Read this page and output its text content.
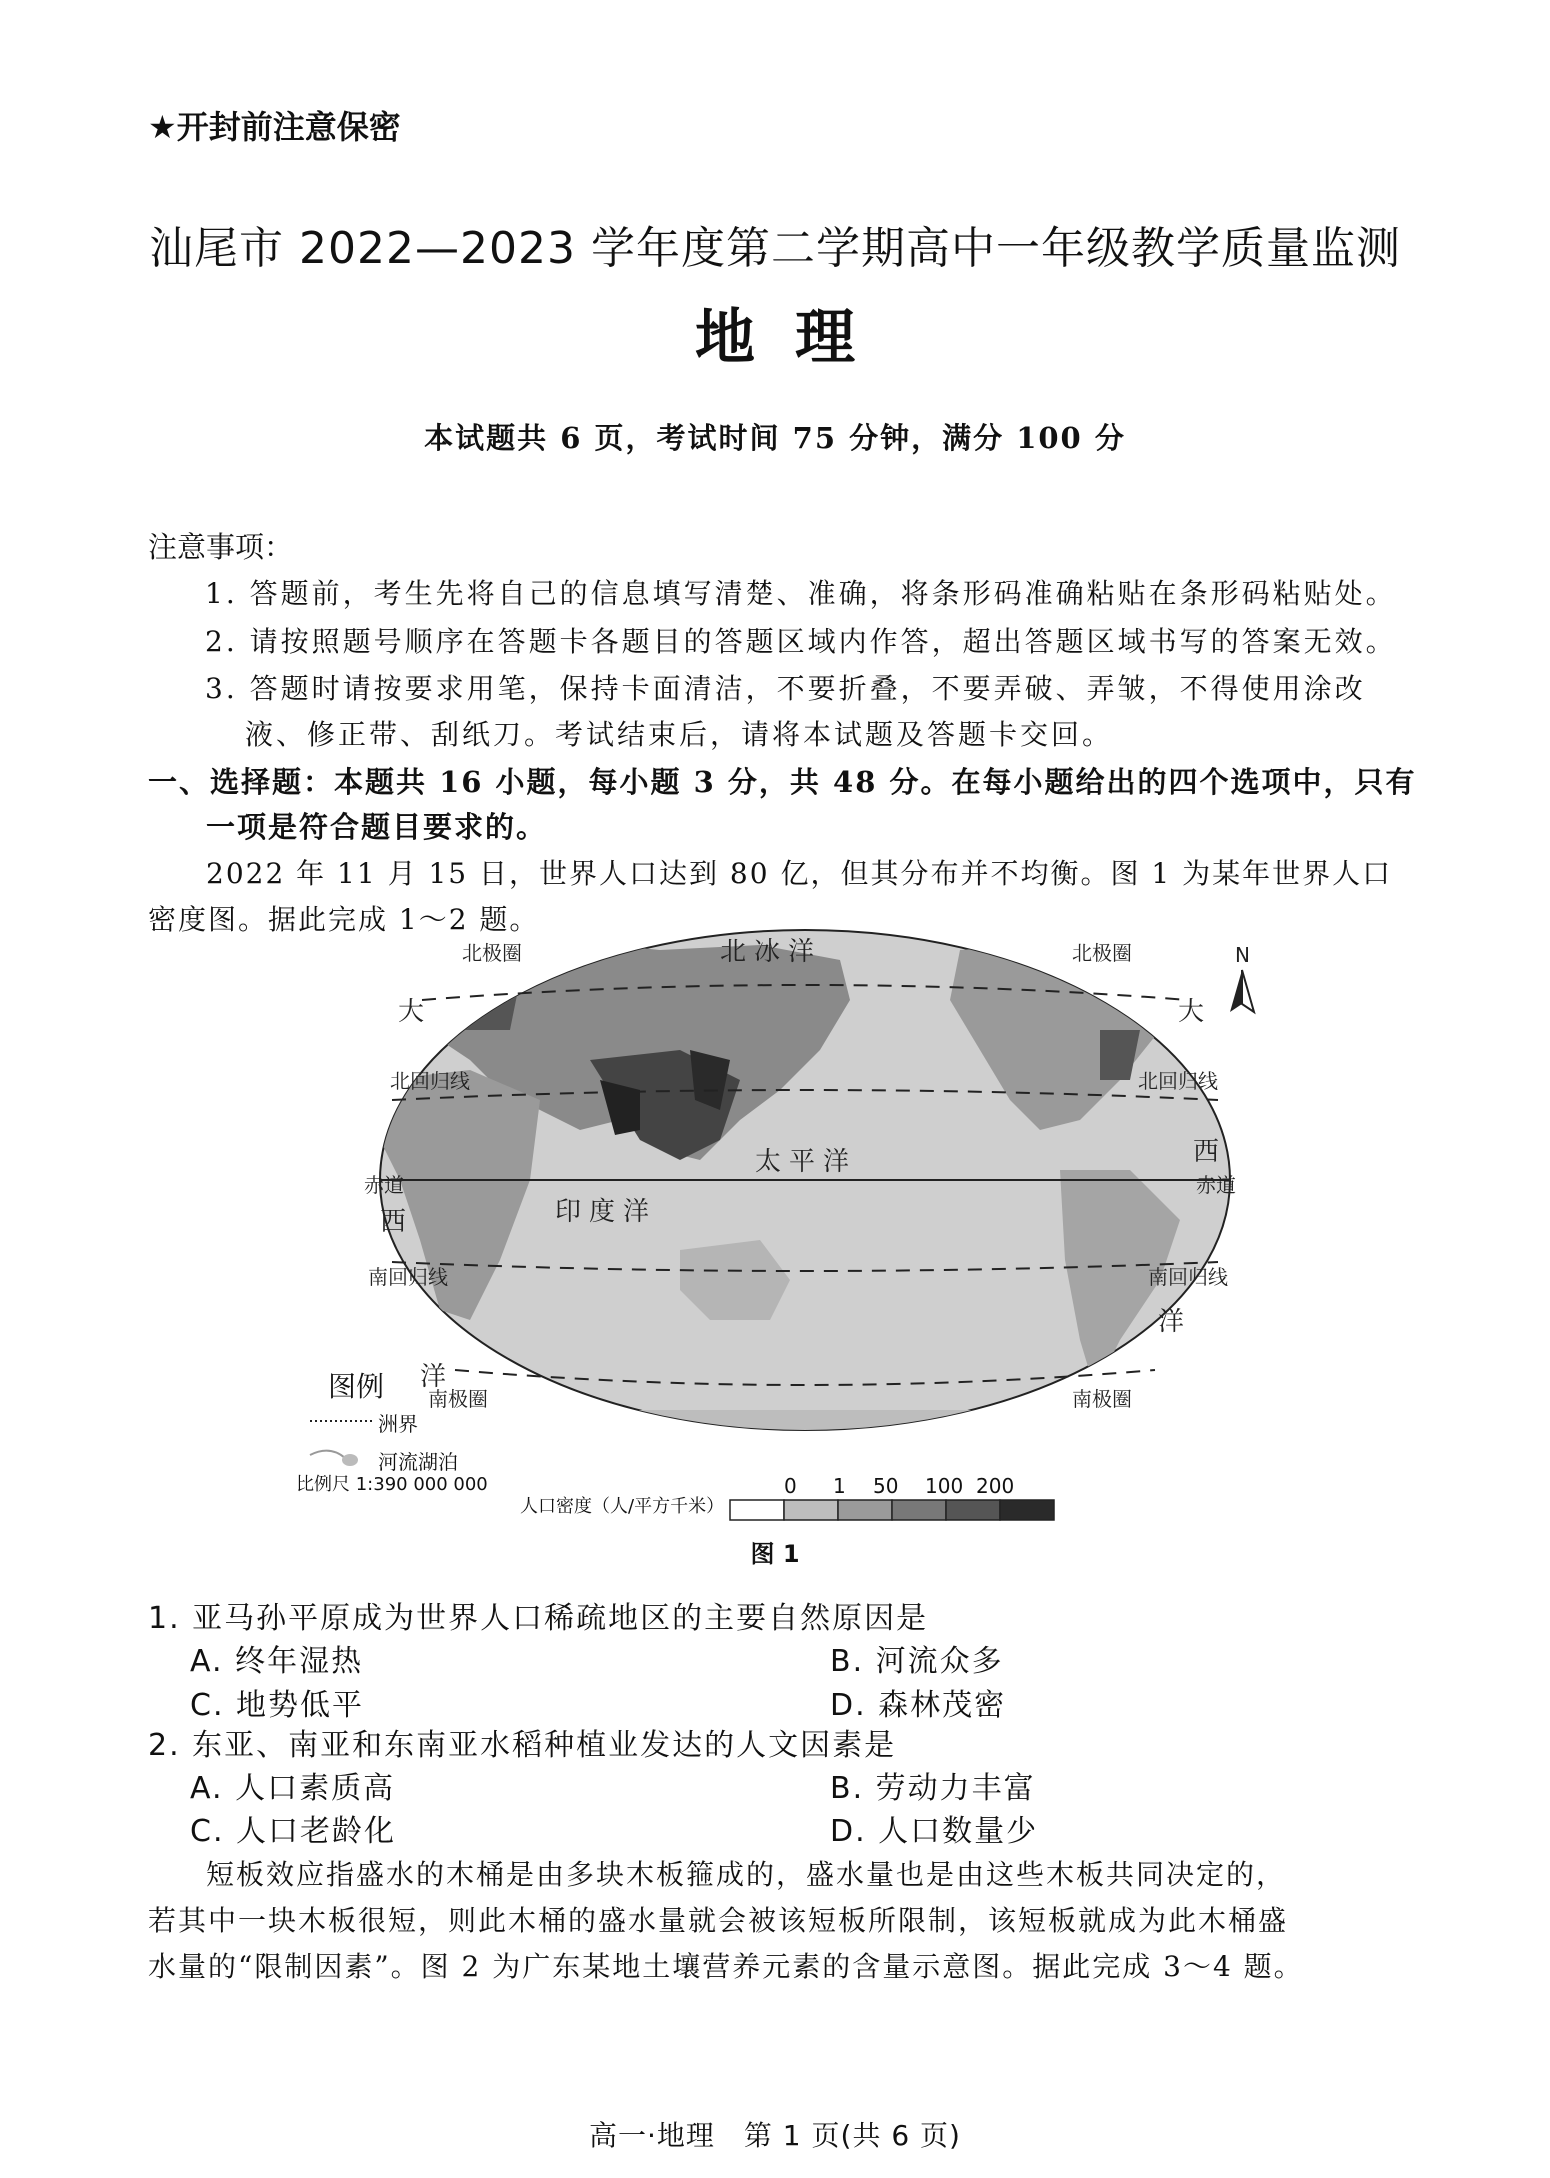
★开封前注意保密
汕尾市 2022—2023 学年度第二学期高中一年级教学质量监测
地理
本试题共 6 页，考试时间 75 分钟，满分 100 分
注意事项：
1. 答题前，考生先将自己的信息填写清楚、准确，将条形码准确粘贴在条形码粘贴处。
2. 请按照题号顺序在答题卡各题目的答题区域内作答，超出答题区域书写的答案无效。
3. 答题时请按要求用笔，保持卡面清洁，不要折叠，不要弄破、弄皱，不得使用涂改
液、修正带、刮纸刀。考试结束后，请将本试题及答题卡交回。
一、选择题：本题共 16 小题，每小题 3 分，共 48 分。在每小题给出的四个选项中，只有
一项是符合题目要求的。
2022 年 11 月 15 日，世界人口达到 80 亿，但其分布并不均衡。图 1 为某年世界人口
密度图。据此完成 1～2 题。
北冰洋
太平洋
印度洋
大
西
洋
大
西
洋
北极圈	北极圈
北回归线	北回归线
赤道	赤道
南回归线	南回归线
南极圈	南极圈
N
图例
洲界
河流湖泊
比例尺 1:390 000 000
人口密度（人/平方千米）
0 1 50 100 200
图 1
1. 亚马孙平原成为世界人口稀疏地区的主要自然原因是
A. 终年湿热	B. 河流众多
C. 地势低平	D. 森林茂密
2. 东亚、南亚和东南亚水稻种植业发达的人文因素是
A. 人口素质高	B. 劳动力丰富
C. 人口老龄化	D. 人口数量少
短板效应指盛水的木桶是由多块木板箍成的，盛水量也是由这些木板共同决定的，
若其中一块木板很短，则此木桶的盛水量就会被该短板所限制，该短板就成为此木桶盛
水量的“限制因素”。图 2 为广东某地土壤营养元素的含量示意图。据此完成 3～4 题。
高一·地理　第 1 页(共 6 页)
